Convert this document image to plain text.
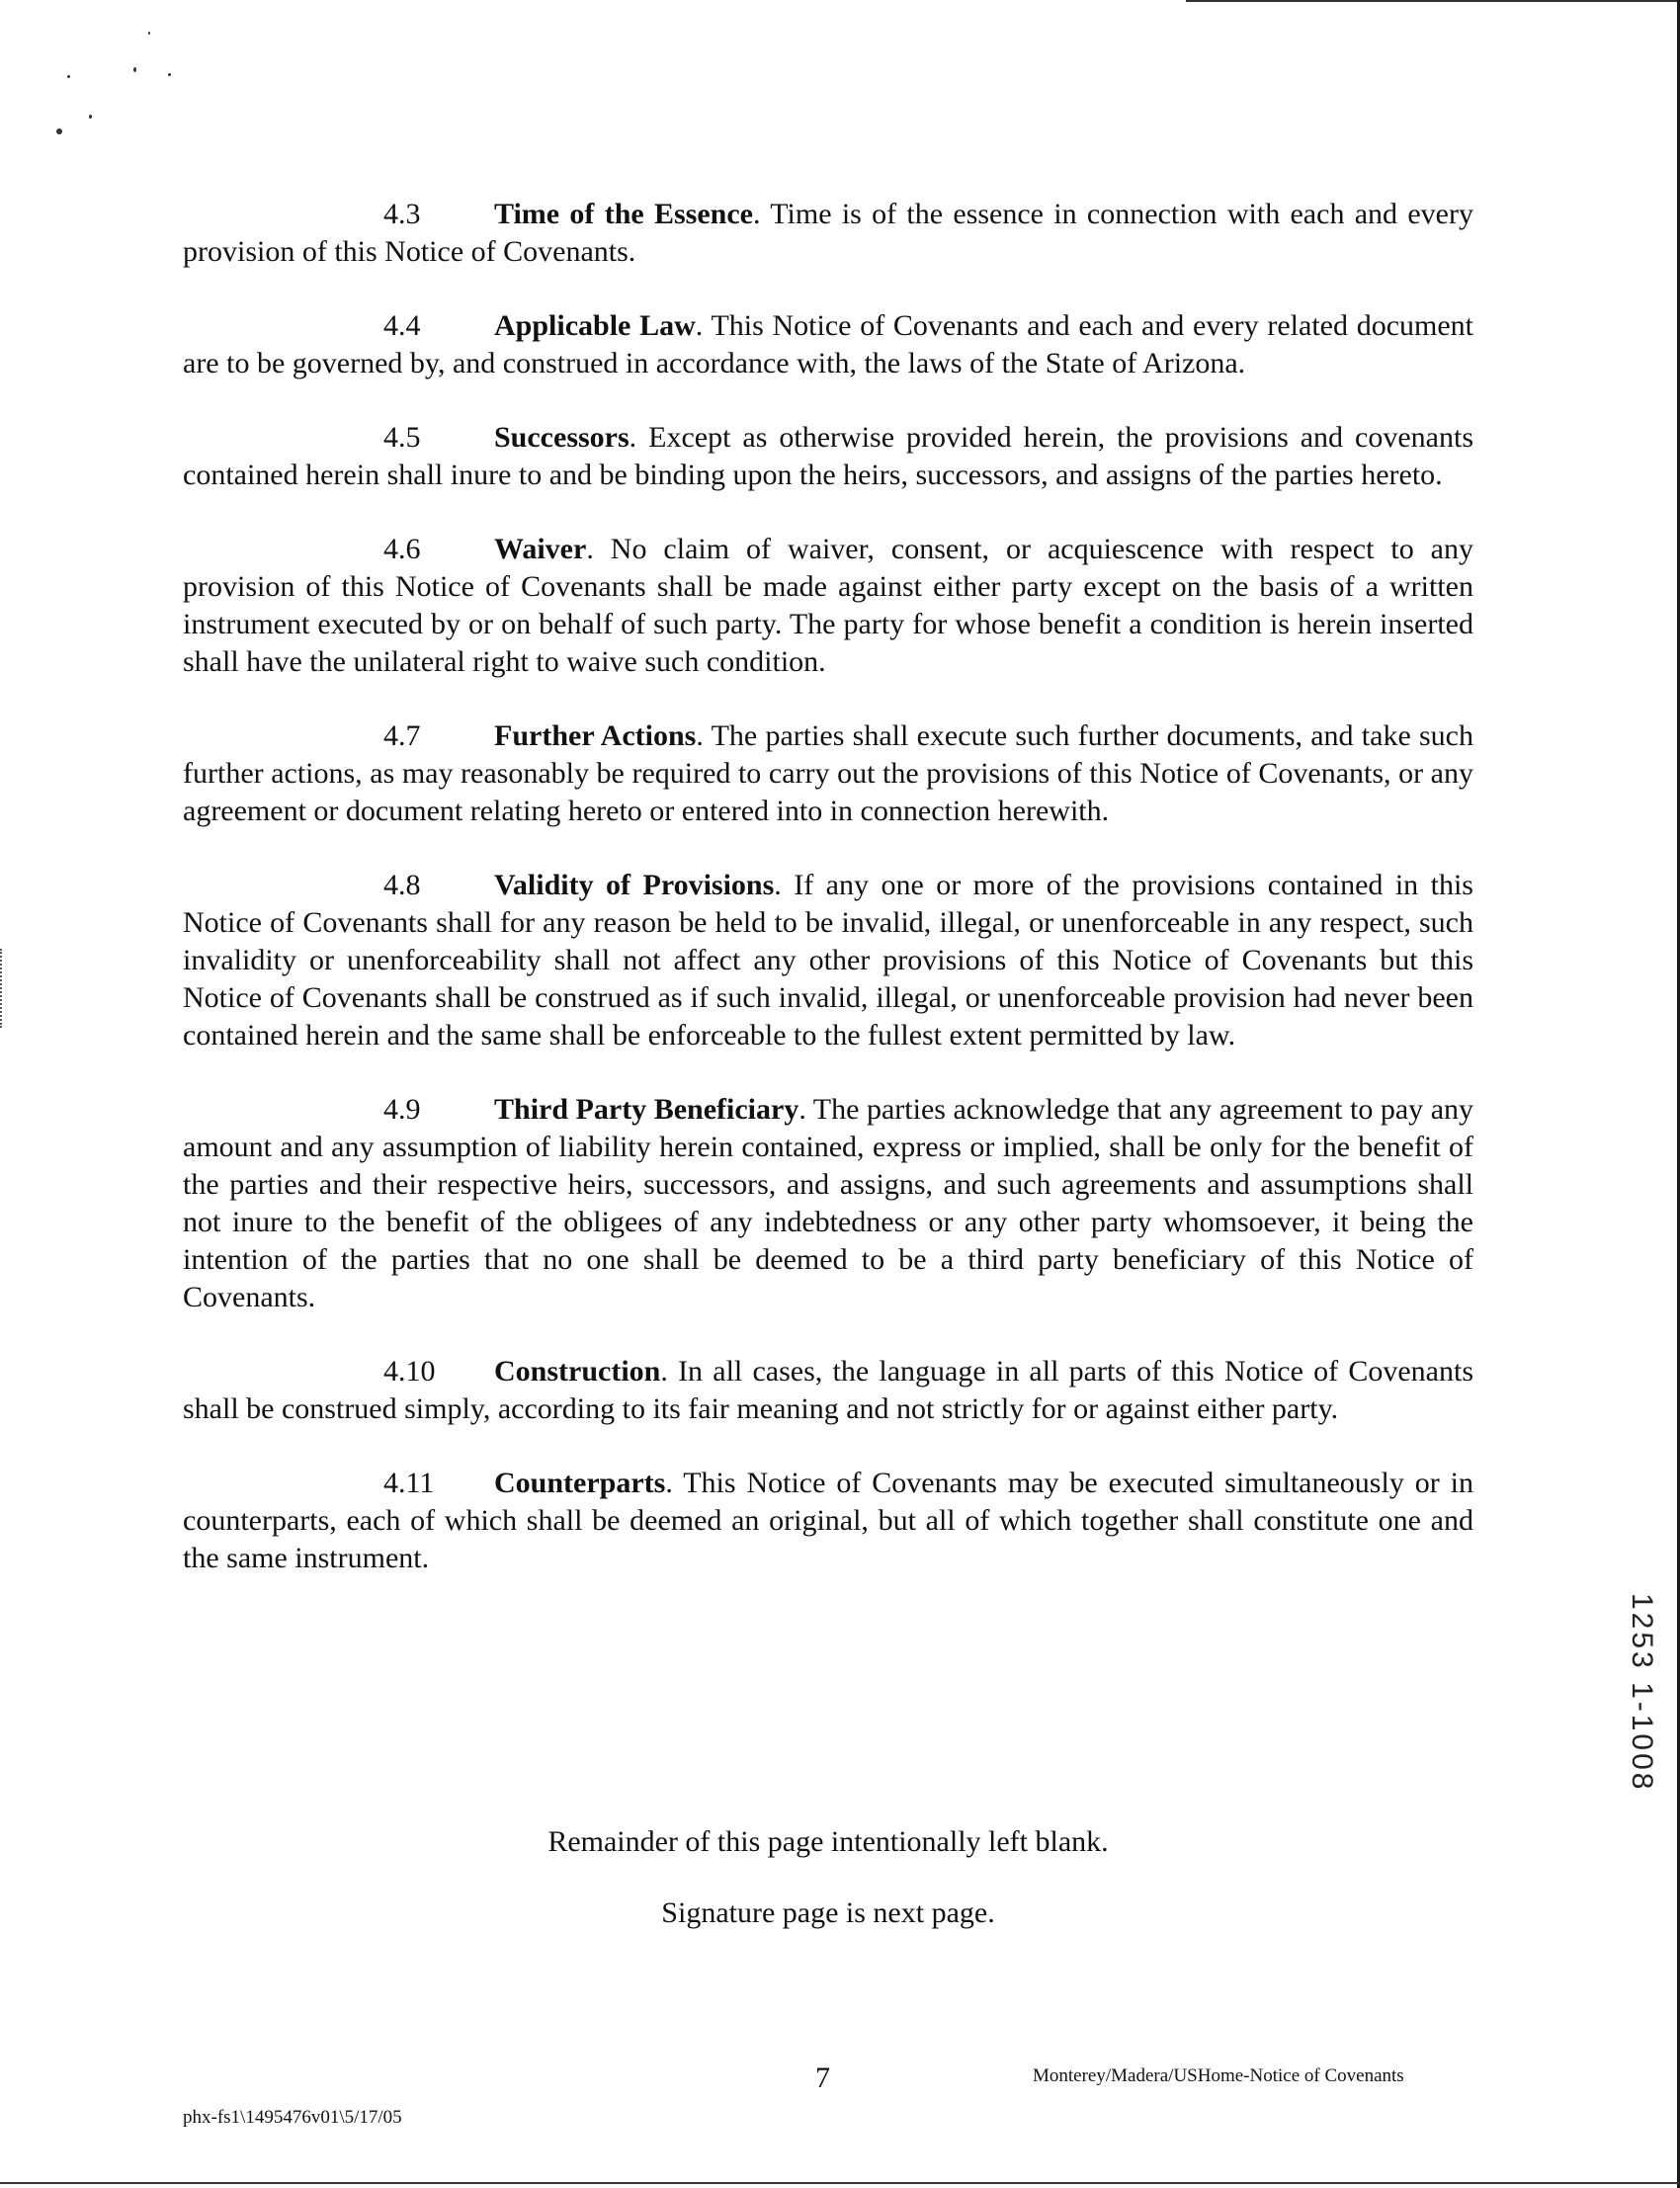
4.3 Time of the Essence. Time is of the essence in connection with each and every provision of this Notice of Covenants.

4.4 Applicable Law. This Notice of Covenants and each and every related document are to be governed by, and construed in accordance with, the laws of the State of Arizona.

4.5 Successors. Except as otherwise provided herein, the provisions and covenants contained herein shall inure to and be binding upon the heirs, successors, and assigns of the parties hereto.

4.6 Waiver. No claim of waiver, consent, or acquiescence with respect to any provision of this Notice of Covenants shall be made against either party except on the basis of a written instrument executed by or on behalf of such party. The party for whose benefit a condition is herein inserted shall have the unilateral right to waive such condition.

4.7 Further Actions. The parties shall execute such further documents, and take such further actions, as may reasonably be required to carry out the provisions of this Notice of Covenants, or any agreement or document relating hereto or entered into in connection herewith.

4.8 Validity of Provisions. If any one or more of the provisions contained in this Notice of Covenants shall for any reason be held to be invalid, illegal, or unenforceable in any respect, such invalidity or unenforceability shall not affect any other provisions of this Notice of Covenants but this Notice of Covenants shall be construed as if such invalid, illegal, or unenforceable provision had never been contained herein and the same shall be enforceable to the fullest extent permitted by law.

4.9 Third Party Beneficiary. The parties acknowledge that any agreement to pay any amount and any assumption of liability herein contained, express or implied, shall be only for the benefit of the parties and their respective heirs, successors, and assigns, and such agreements and assumptions shall not inure to the benefit of the obligees of any indebtedness or any other party whomsoever, it being the intention of the parties that no one shall be deemed to be a third party beneficiary of this Notice of Covenants.

4.10 Construction. In all cases, the language in all parts of this Notice of Covenants shall be construed simply, according to its fair meaning and not strictly for or against either party.

4.11 Counterparts. This Notice of Covenants may be executed simultaneously or in counterparts, each of which shall be deemed an original, but all of which together shall constitute one and the same instrument.

Remainder of this page intentionally left blank.
Signature page is next page.
7	Monterey/Madera/USHome-Notice of Covenants
phx-fs1\1495476v01\5/17/05
1253 1-1008
